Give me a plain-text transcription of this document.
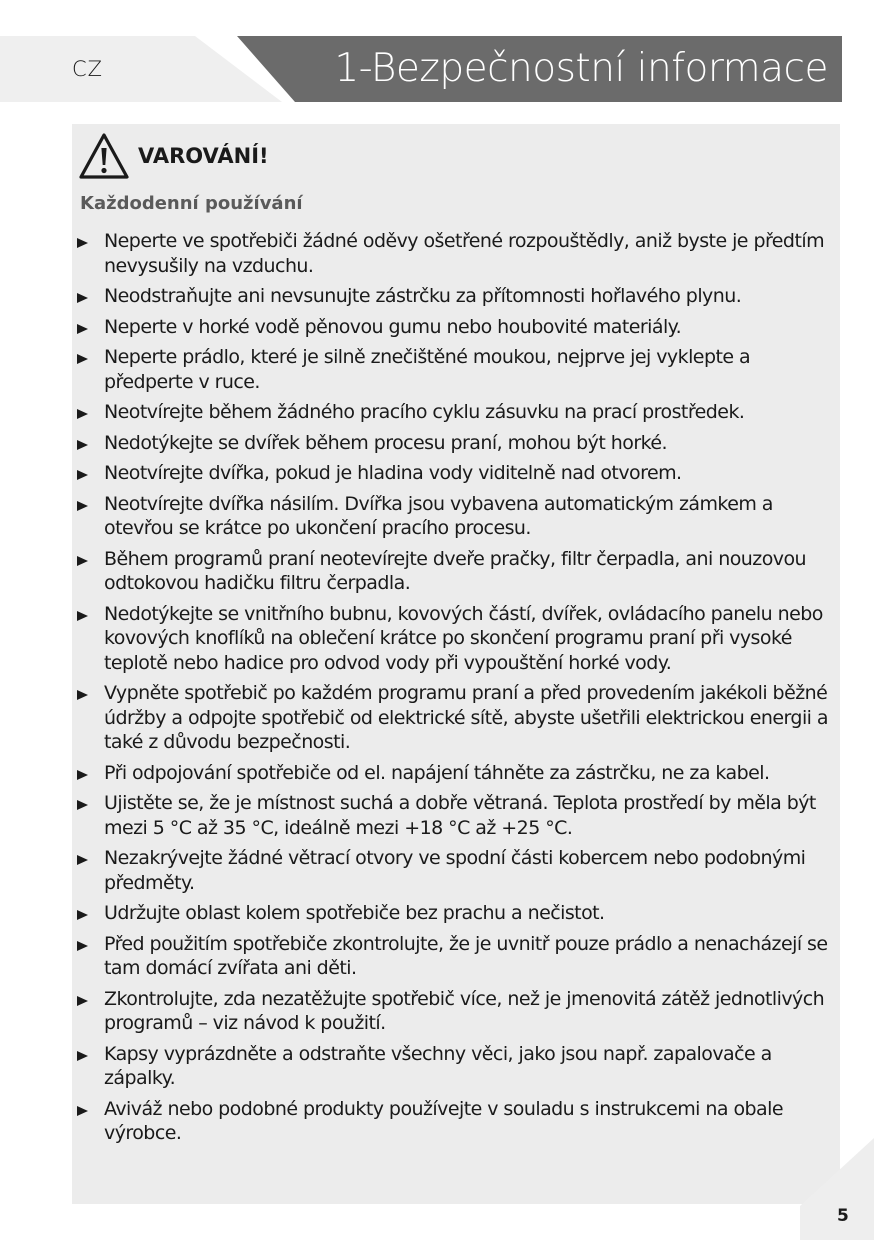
CZ	1-Bezpečnostní informace
VAROVÁNÍ!
Každodenní používání
Neperte ve spotřebiči žádné oděvy ošetřené rozpouštědly, aniž byste je předtím nevysušily na vzduchu.
Neodstraňujte ani nevsunujte zástrčku za přítomnosti hořlavého plynu.
Neperte v horké vodě pěnovou gumu nebo houbovité materiály.
Neperte prádlo, které je silně znečištěné moukou, nejprve jej vyklepte a předperte v ruce.
Neotvírejte během žádného pracího cyklu zásuvku na prací prostředek.
Nedotýkejte se dvířek během procesu praní, mohou být horké.
Neotvírejte dvířka, pokud je hladina vody viditelně nad otvorem.
Neotvírejte dvířka násilím. Dvířka jsou vybavena automatickým zámkem a otevřou se krátce po ukončení pracího procesu.
Během programů praní neotevírejte dveře pračky, filtr čerpadla, ani nouzovou odtokovou hadičku filtru čerpadla.
Nedotýkejte se vnitřního bubnu, kovových částí, dvířek, ovládacího panelu nebo kovových knoflíků na oblečení krátce po skončení programu praní při vysoké teplotě nebo hadice pro odvod vody při vypouštění horké vody.
Vypněte spotřebič po každém programu praní a před provedením jakékoli běžné údržby a odpojte spotřebič od elektrické sítě, abyste ušetřili elektrickou energii a také z důvodu bezpečnosti.
Při odpojování spotřebiče od el. napájení táhněte za zástrčku, ne za kabel.
Ujistěte se, že je místnost suchá a dobře větraná. Teplota prostředí by měla být mezi 5 °C až 35 °C, ideálně mezi +18 °C až +25 °C.
Nezakrývejte žádné větrací otvory ve spodní části kobercem nebo podobnými předměty.
Udržujte oblast kolem spotřebiče bez prachu a nečistot.
Před použitím spotřebiče zkontrolujte, že je uvnitř pouze prádlo a nenacházejí se tam domácí zvířata ani děti.
Zkontrolujte, zda nezatěžujte spotřebič více, než je jmenovitá zátěž jednotlivých programů – viz návod k použití.
Kapsy vyprázdněte a odstraňte všechny věci, jako jsou např. zapalovače a zápalky.
Aviváž nebo podobné produkty používejte v souladu s instrukcemi na obale výrobce.
5
